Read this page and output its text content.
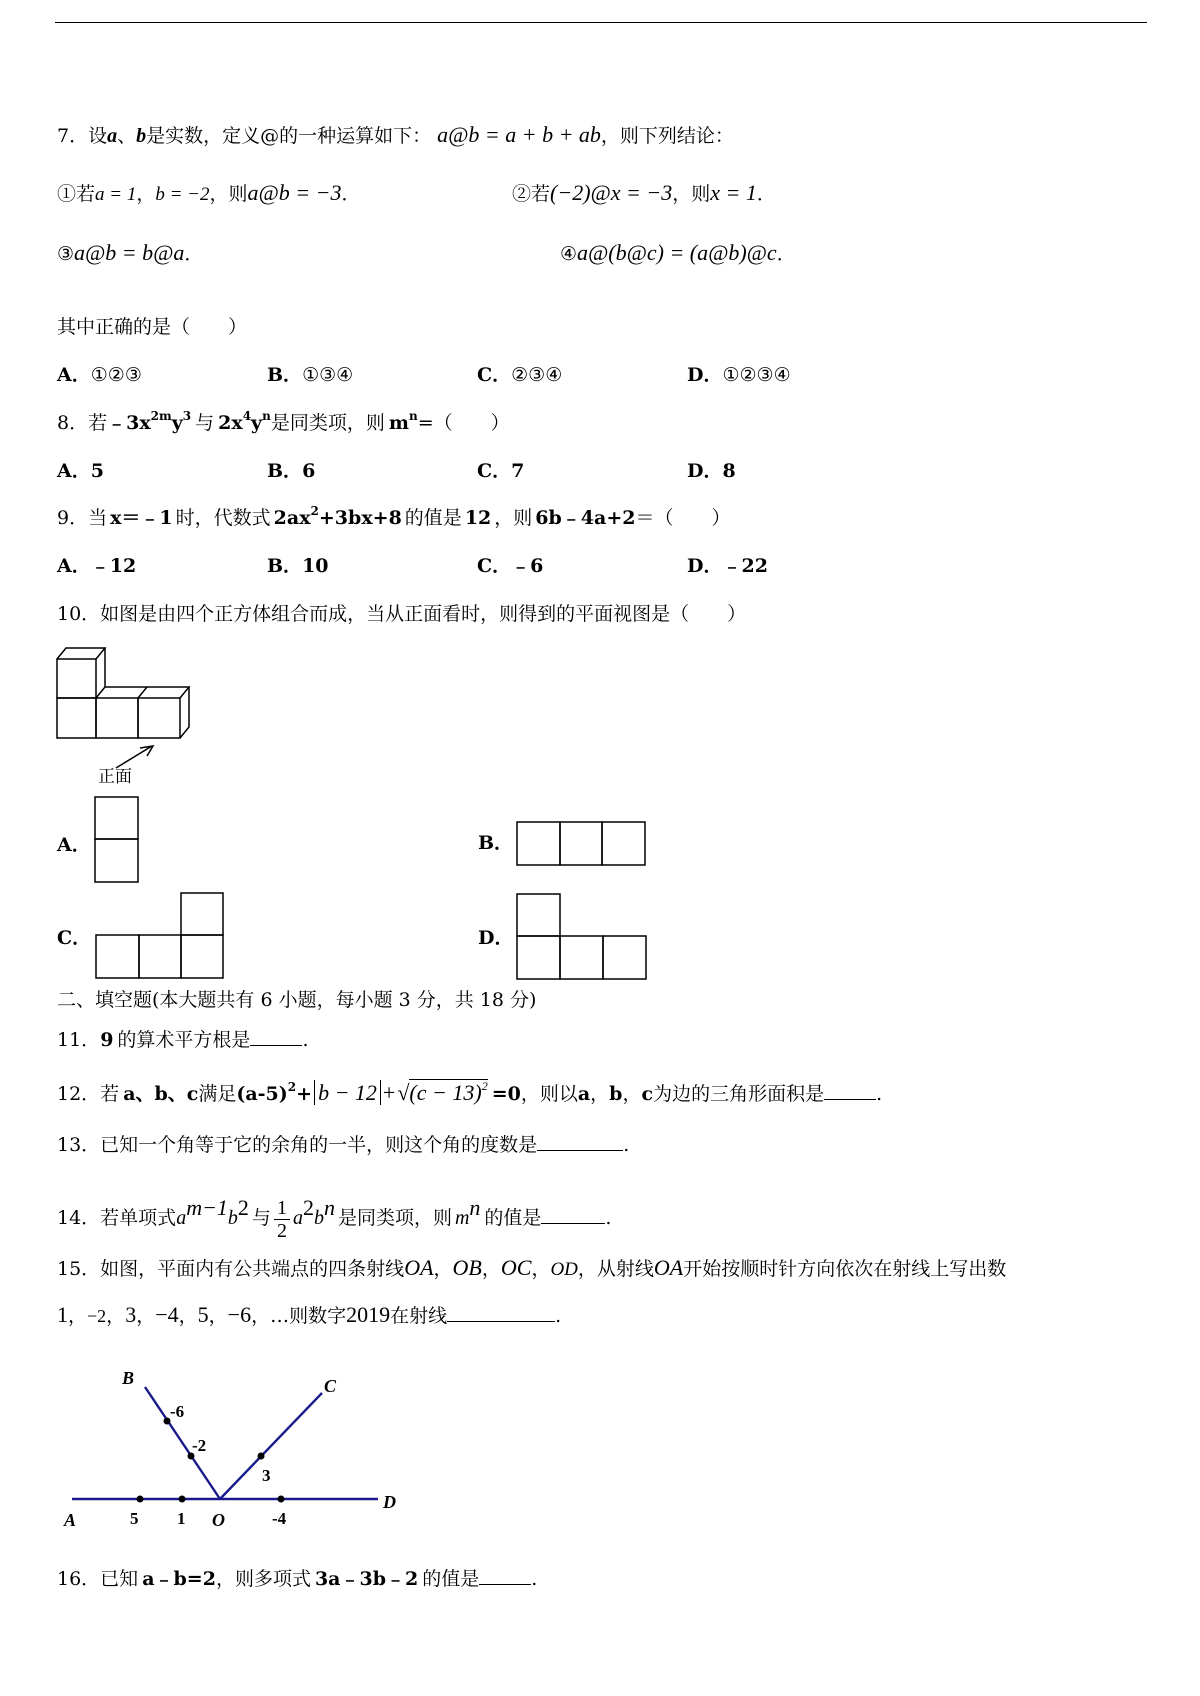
7．设a、b是实数，定义@的一种运算如下： a@b = a + b + ab，则下列结论：
①若a = 1，b = −2，则a@b = −3．	②若(−2)@x = −3，则x = 1．
③a@b = b@a．	④a@(b@c) = (a@b)@c．
其中正确的是（　　）
A．①②③	B．①③④	C．②③④	D．①②③④
8．若$﹣3x^{2m}y^3$ 与 $2x^4y^n$是同类项，则 $m^n=$（　　）
A．5	B．6	C．7	D．8
9．当 x＝﹣1 时，代数式 $2ax^2+3bx+8$ 的值是 12 ，则 6b﹣4a+2＝（　　）
A．﹣12	B．10	C．﹣6	D．﹣22
10．如图是由四个正方体组合而成，当从正面看时，则得到的平面视图是（　　）
正面
A．	B．
C．	D．
二、填空题(本大题共有 6 小题，每小题 3 分，共 18 分)
11．9 的算术平方根是	.
12．若 a、b、c满足$(a-5)^2+ b - 12 +√(c - 13)^2 =0$，则以a，b，c为边的三角形面积是	.
13．已知一个角等于它的余角的一半，则这个角的度数是	.
14．若单项式$a^{m-1}b^2$ 与 $\frac{1}{2} a^2b^n$ 是同类项，则 $m^n$ 的值是	.
15．如图，平面内有公共端点的四条射线OA，OB，OC，OD，从射线OA开始按顺时针方向依次在射线上写出数
1，−2，3，−4，5，−6，…则数字2019在射线	.
A
B	C
D
O
5 1	-4
3
-2
-6
16．已知 a﹣b=2，则多项式 3a﹣3b﹣2 的值是	.
